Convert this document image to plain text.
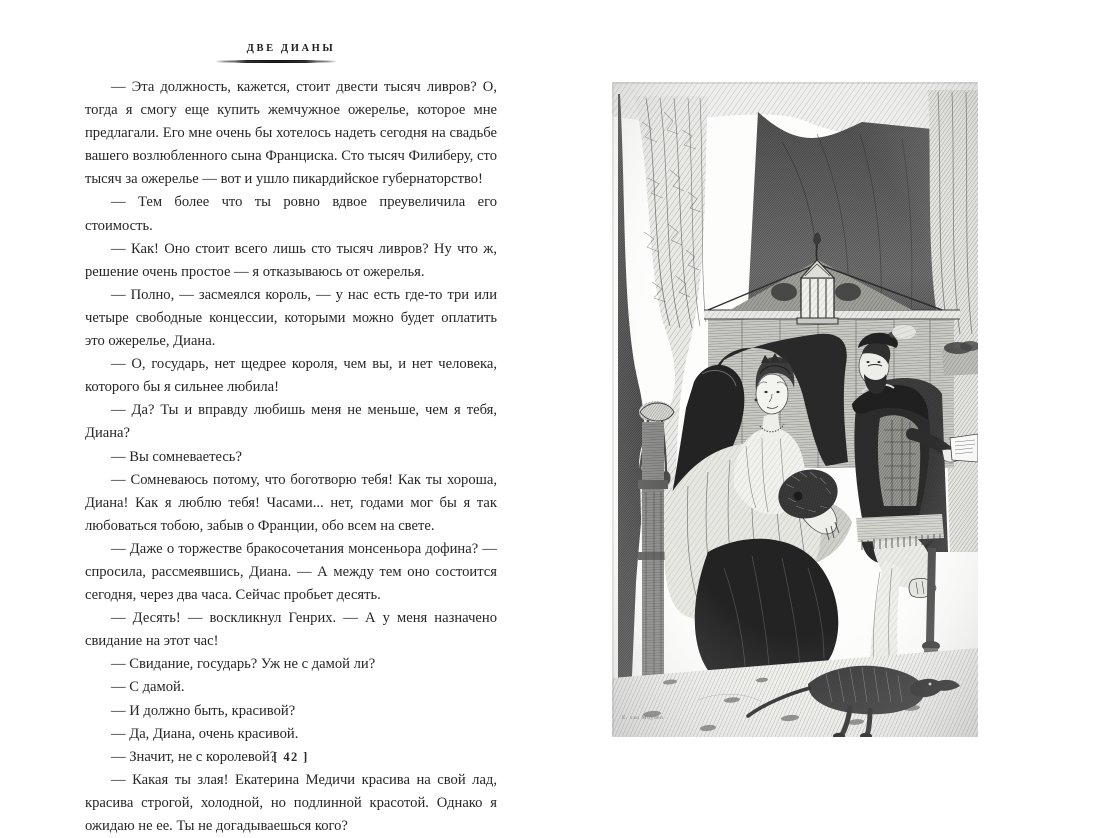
ДВЕ ДИАНЫ

— Эта должность, кажется, стоит двести тысяч ливров? О, тогда я смогу еще купить жемчужное ожерелье, которое мне предлагали. Его мне очень бы хотелось надеть сегодня на свадьбе вашего возлюбленного сына Франциска. Сто тысяч Филиберу, сто тысяч за ожерелье — вот и ушло пикардийское губернаторство!

— Тем более что ты ровно вдвое преувеличила его стоимость.

— Как! Оно стоит всего лишь сто тысяч ливров? Ну что ж, решение очень простое — я отказываюсь от ожерелья.

— Полно, — засмеялся король, — у нас есть где-то три или четыре свободные концессии, которыми можно будет оплатить это ожерелье, Диана.

— О, государь, нет щедрее короля, чем вы, и нет человека, которого бы я сильнее любила!

— Да? Ты и вправду любишь меня не меньше, чем я тебя, Диана?

— Вы сомневаетесь?

— Сомневаюсь потому, что боготворю тебя! Как ты хороша, Диана! Как я люблю тебя! Часами... нет, годами мог бы я так любоваться тобою, забыв о Франции, обо всем на свете.

— Даже о торжестве бракосочетания монсеньора дофина? — спросила, рассмеявшись, Диана. — А между тем оно состоится сегодня, через два часа. Сейчас пробьет десять.

— Десять! — воскликнул Генрих. — А у меня назначено свидание на этот час!

— Свидание, государь? Уж не с дамой ли?

— С дамой.

— И должно быть, красивой?

— Да, Диана, очень красивой.

— Значит, не с королевой?

— Какая ты злая! Екатерина Медичи красива на свой лад, красива строгой, холодной, но подлинной красотой. Однако я ожидаю не ее. Ты не догадываешься кого?

[ 42 ]
E. van Muyden
